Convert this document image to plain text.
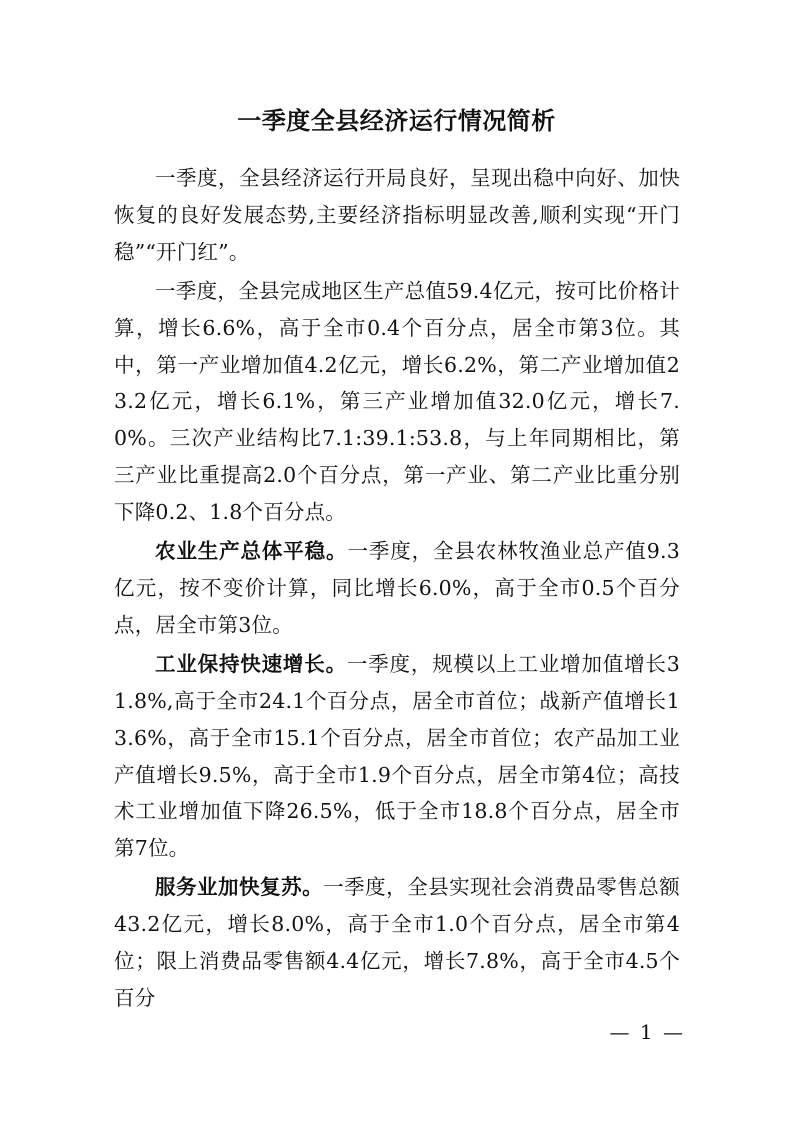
一季度全县经济运行情况简析

一季度，全县经济运行开局良好，呈现出稳中向好、加快恢复的良好发展态势,主要经济指标明显改善,顺利实现“开门稳”“开门红”。

一季度，全县完成地区生产总值59.4亿元，按可比价格计算，增长6.6%，高于全市0.4个百分点，居全市第3位。其中，第一产业增加值4.2亿元，增长6.2%，第二产业增加值23.2亿元，增长6.1%，第三产业增加值32.0亿元，增长7.0%。三次产业结构比7.1:39.1:53.8，与上年同期相比，第三产业比重提高2.0个百分点，第一产业、第二产业比重分别下降0.2、1.8个百分点。

农业生产总体平稳。一季度，全县农林牧渔业总产值9.3亿元，按不变价计算，同比增长6.0%，高于全市0.5个百分点，居全市第3位。

工业保持快速增长。一季度，规模以上工业增加值增长31.8%,高于全市24.1个百分点，居全市首位；战新产值增长13.6%，高于全市15.1个百分点，居全市首位；农产品加工业产值增长9.5%，高于全市1.9个百分点，居全市第4位；高技术工业增加值下降26.5%，低于全市18.8个百分点，居全市第7位。

服务业加快复苏。一季度，全县实现社会消费品零售总额43.2亿元，增长8.0%，高于全市1.0个百分点，居全市第4位；限上消费品零售额4.4亿元，增长7.8%，高于全市4.5个百分

— 1 —
